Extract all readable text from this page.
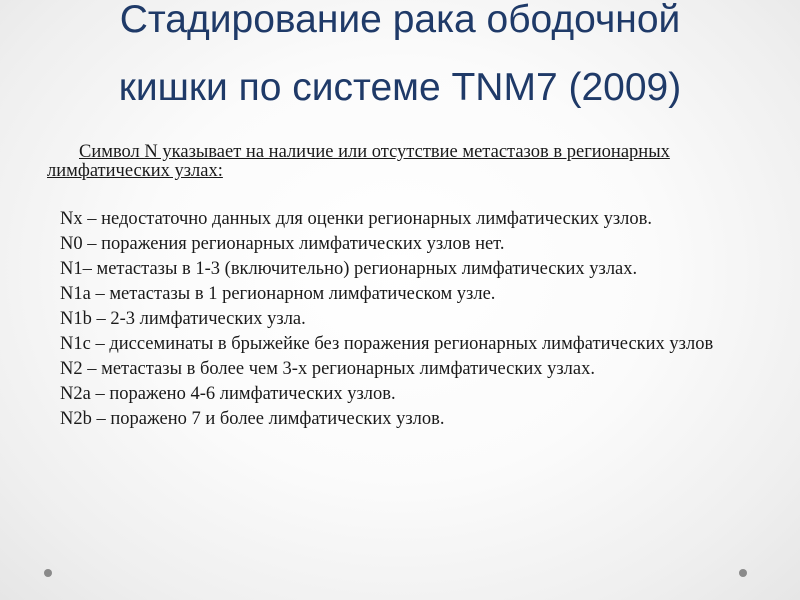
Стадирование рака ободочной
кишки по системе TNM7 (2009)

Символ N указывает на наличие или отсутствие метастазов в регионарных лимфатических узлах:

Nx – недостаточно данных для оценки регионарных лимфатических узлов.

N0 – поражения регионарных лимфатических узлов нет.

N1– метастазы в 1-3 (включительно) регионарных лимфатических узлах.

N1a – метастазы в 1 регионарном лимфатическом узле.

N1b – 2-3 лимфатических узла.

N1c – диссеминаты в брыжейке без поражения регионарных лимфатических узлов

N2 – метастазы в более чем 3-х регионарных лимфатических узлах.

N2a – поражено 4-6 лимфатических узлов.

N2b – поражено 7 и более лимфатических узлов.
